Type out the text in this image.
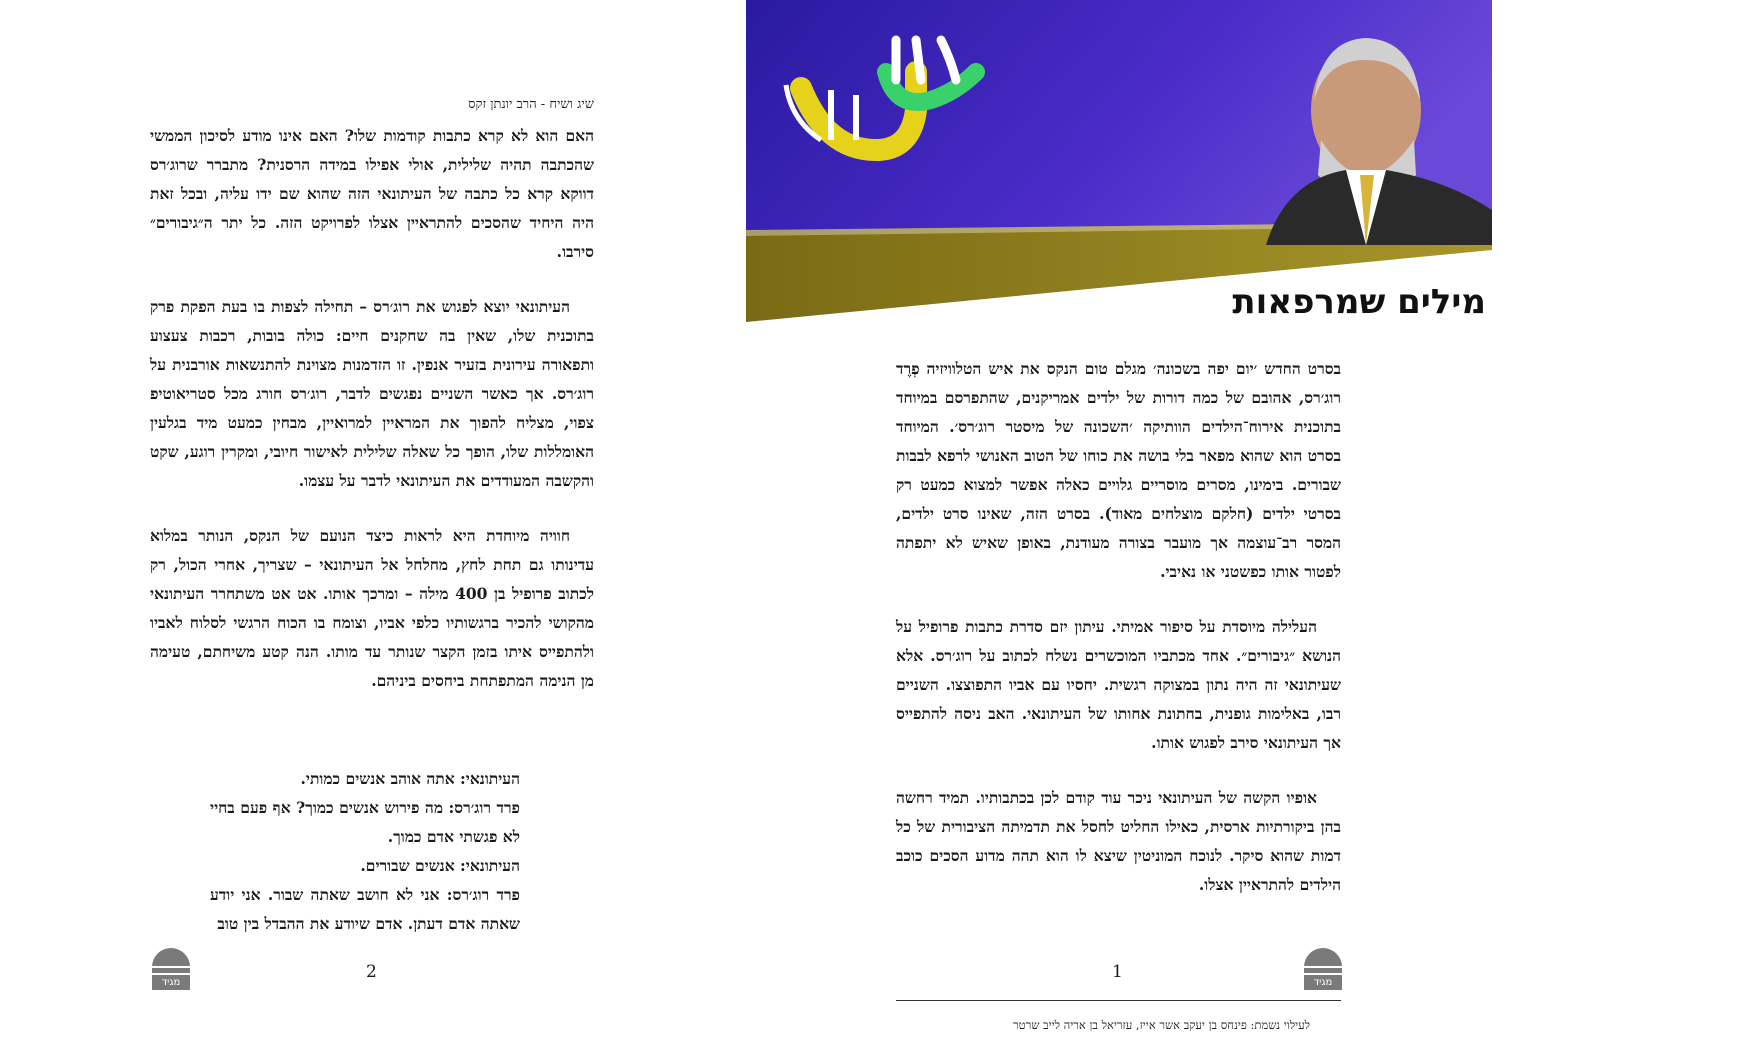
שיג ושיח - הרב יונתן זקס

האם הוא לא קרא כתבות קודמות שלו? האם אינו מודע לסיכון הממשי שהכתבה תהיה שלילית, אולי אפילו במידה הרסנית? מתברר שרוג׳רס דווקא קרא כל כתבה של העיתונאי הזה שהוא שם ידו עליה, ובכל זאת היה היחיד שהסכים להתראיין אצלו לפרויקט הזה. כל יתר ה״גיבורים״ סירבו.

העיתונאי יוצא לפגוש את רוג׳רס – תחילה לצפות בו בעת הפקת פרק בתוכנית שלו, שאין בה שחקנים חיים: כולה בובות, רכבות צעצוע ותפאורה עירונית בזעיר אנפין. זו הזדמנות מצוינת להתנשאות אורבנית על רוג׳רס. אך כאשר השניים נפגשים לדבר, רוג׳רס חורג מכל סטריאוטיפ צפוי, מצליח להפוך את המראיין למרואיין, מבחין כמעט מיד בגלעין האומללות שלו, הופך כל שאלה שלילית לאישור חיובי, ומקרין רוגע, שקט והקשבה המעודדים את העיתונאי לדבר על עצמו.

חוויה מיוחדת היא לראות כיצד הנועם של הנקס, הנותר במלוא עדינותו גם תחת לחץ, מחלחל אל העיתונאי – שצריך, אחרי הכול, רק לכתוב פרופיל בן 400 מילה – ומרכך אותו. אט אט משתחרר העיתונאי מהקושי להכיר ברגשותיו כלפי אביו, וצומח בו הכוח הרגשי לסלוח לאביו ולהתפייס איתו בזמן הקצר שנותר עד מותו. הנה קטע משיחתם, טעימה מן הנימה המתפתחת ביחסים ביניהם.

העיתונאי: אתה אוהב אנשים כמותי.
פרד רוג׳רס: מה פירוש אנשים כמוך? אף פעם בחיי לא פגשתי אדם כמוך.
העיתונאי: אנשים שבורים.
פרד רוג׳רס: אני לא חושב שאתה שבור. אני יודע שאתה אדם דעתן. אדם שיודע את ההבדל בין טוב
מגיד
2
פרשת
תזריע-מצורע
מילים שמרפאות

בסרט החדש ׳יום יפה בשכונה׳ מגלם טום הנקס את איש הטלוויזיה פְרֶד רוג׳רס, אהובם של כמה דורות של ילדים אמריקנים, שהתפרסם במיוחד בתוכנית אירוח־הילדים הוותיקה ׳השכונה של מיסטר רוג׳רס׳. המיוחד בסרט הוא שהוא מפאר בלי בושה את כוחו של הטוב האנושי לרפא לבבות שבורים. בימינו, מסרים מוסריים גלויים כאלה אפשר למצוא כמעט רק בסרטי ילדים (חלקם מוצלחים מאוד). בסרט הזה, שאינו סרט ילדים, המסר רב־עוצמה אך מועבר בצורה מעודנת, באופן שאיש לא יתפתה לפטור אותו כפשטני או נאיבי.

העלילה מיוסדת על סיפור אמיתי. עיתון יזם סדרת כתבות פרופיל על הנושא ״גיבורים״. אחד מכתביו המוכשרים נשלח לכתוב על רוג׳רס. אלא שעיתונאי זה היה נתון במצוקה רגשית. יחסיו עם אביו התפוצצו. השניים רבו, באלימות גופנית, בחתונת אחותו של העיתונאי. האב ניסה להתפייס אך העיתונאי סירב לפגוש אותו.

אופיו הקשה של העיתונאי ניכר עוד קודם לכן בכתבותיו. תמיד רחשה בהן ביקורתיות ארסית, כאילו החליט לחסל את תדמיתה הציבורית של כל דמות שהוא סיקר. לנוכח המוניטין שיצא לו הוא תהה מדוע הסכים כוכב הילדים להתראיין אצלו.

מגיד
1
לעילוי נשמת: פינחס בן יעקב אשר אייז, עזריאל בן אריה לייב שרטר
